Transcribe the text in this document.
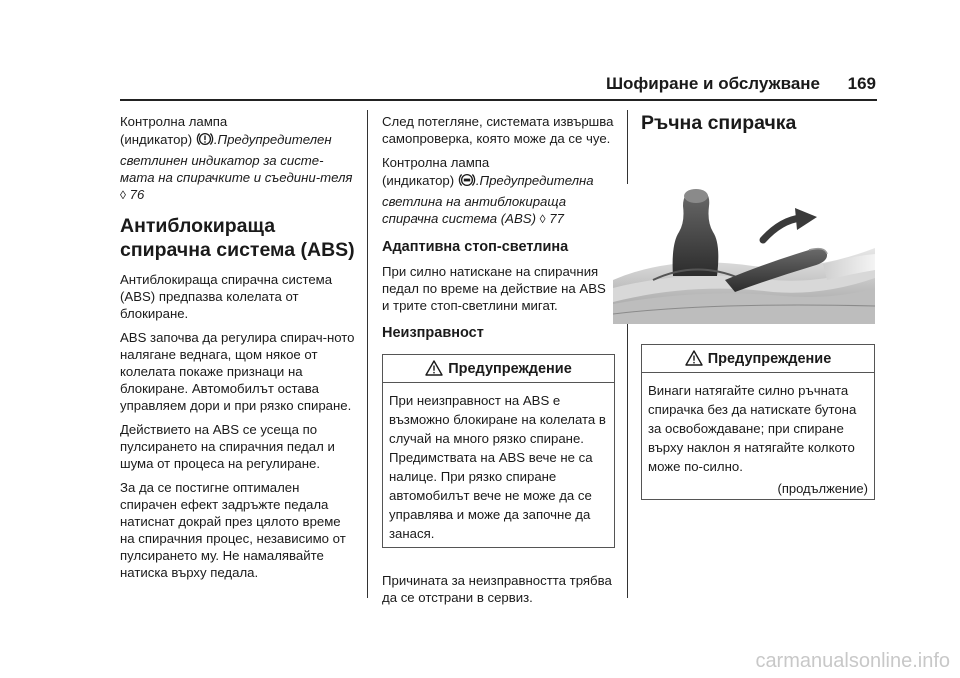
Шофиране и обслужване	169

Контролна лампа
(индикатор) .Предупредителен светлинен индикатор за систе-мата на спирачките и съедини-теля ◊ 76

Антиблокираща спирачна система (ABS)

Антиблокираща спирачна система (ABS) предпазва колелата от блокиране.

ABS започва да регулира спирач-ното налягане веднага, щом някое от колелата покаже признаци на блокиране. Автомобилът остава управляем дори и при рязко спиране.

Действието на ABS се усеща по пулсирането на спирачния педал и шума от процеса на регулиране.

За да се постигне оптимален спирачен ефект задръжте педала натиснат докрай през цялото време на спирачния процес, независимо от пулсирането му. Не намалявайте натиска върху педала.

След потегляне, системата извършва самопроверка, която може да се чуе.

Контролна лампа
(индикатор) .Предупредителна светлина на антиблокираща спирачна система (ABS) ◊ 77

Адаптивна стоп-светлина

При силно натискане на спирачния педал по време на действие на ABS и трите стоп-светлини мигат.

Неизправност
Предупреждение
При неизправност на ABS е възможно блокиране на колелата в случай на много рязко спиране. Предимствата на ABS вече не са налице. При рязко спиране автомобилът вече не може да се управлява и може да започне да занася.

Причината за неизправността трябва да се отстрани в сервиз.

Ръчна спирачка
Предупреждение
Винаги натягайте силно ръчната спирачка без да натискате бутона за освобождаване; при спиране върху наклон я натягайте колкото може по-силно.
(продължение)
carmanualsonline.info
